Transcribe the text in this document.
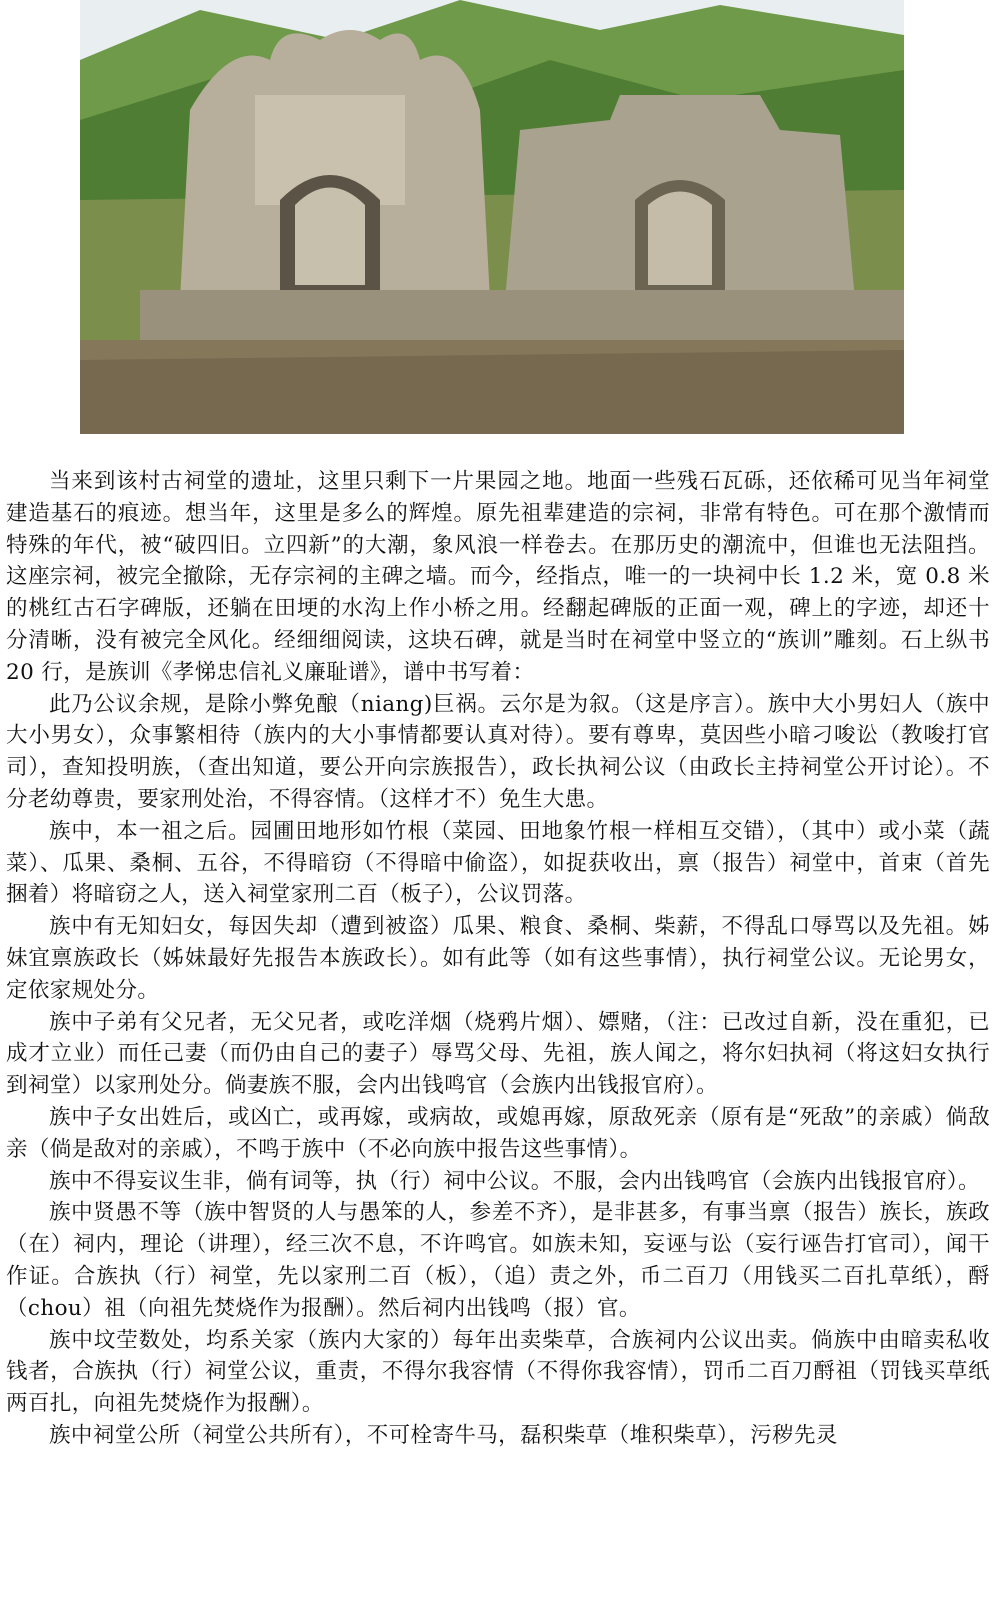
当来到该村古祠堂的遗址，这里只剩下一片果园之地。地面一些残石瓦砾，还依稀可见当年祠堂建造基石的痕迹。想当年，这里是多么的辉煌。原先祖辈建造的宗祠，非常有特色。可在那个激情而特殊的年代，被“破四旧。立四新”的大潮，象风浪一样卷去。在那历史的潮流中，但谁也无法阻挡。这座宗祠，被完全撤除，无存宗祠的主碑之墙。而今，经指点，唯一的一块祠中长 1.2 米，宽 0.8 米的桃红古石字碑版，还躺在田埂的水沟上作小桥之用。经翻起碑版的正面一观，碑上的字迹，却还十分清晰，没有被完全风化。经细细阅读，这块石碑，就是当时在祠堂中竖立的“族训”雕刻。石上纵书 20 行，是族训《孝悌忠信礼义廉耻谱》，谱中书写着：

此乃公议余规，是除小弊免酿（niang)巨祸。云尔是为叙。（这是序言）。族中大小男妇人（族中大小男女），众事繁相待（族内的大小事情都要认真对待）。要有尊卑，莫因些小暗刁唆讼（教唆打官司），查知投明族，（查出知道，要公开向宗族报告），政长执祠公议（由政长主持祠堂公开讨论）。不分老幼尊贵，要家刑处治，不得容情。（这样才不）免生大患。

族中，本一祖之后。园圃田地形如竹根（菜园、田地象竹根一样相互交错），（其中）或小菜（蔬菜）、瓜果、桑桐、五谷，不得暗窃（不得暗中偷盗），如捉获收出，禀（报告）祠堂中，首束（首先捆着）将暗窃之人，送入祠堂家刑二百（板子），公议罚落。

族中有无知妇女，每因失却（遭到被盗）瓜果、粮食、桑桐、柴薪，不得乱口辱骂以及先祖。姊妹宜禀族政长（姊妹最好先报告本族政长）。如有此等（如有这些事情），执行祠堂公议。无论男女，定依家规处分。

族中子弟有父兄者，无父兄者，或吃洋烟（烧鸦片烟）、嫖赌，（注：已改过自新，没在重犯，已成才立业）而任己妻（而仍由自己的妻子）辱骂父母、先祖，族人闻之，将尔妇执祠（将这妇女执行到祠堂）以家刑处分。倘妻族不服，会内出钱鸣官（会族内出钱报官府）。

族中子女出姓后，或凶亡，或再嫁，或病故，或媳再嫁，原敌死亲（原有是“死敌”的亲戚）倘敌亲（倘是敌对的亲戚），不鸣于族中（不必向族中报告这些事情）。

族中不得妄议生非，倘有词等，执（行）祠中公议。不服，会内出钱鸣官（会族内出钱报官府）。

族中贤愚不等（族中智贤的人与愚笨的人，参差不齐），是非甚多，有事当禀（报告）族长，族政（在）祠内，理论（讲理），经三次不息，不许鸣官。如族未知，妄诬与讼（妄行诬告打官司），闻干作证。合族执（行）祠堂，先以家刑二百（板），（追）责之外，币二百刀（用钱买二百扎草纸），酹（chou）祖（向祖先焚烧作为报酬）。然后祠内出钱鸣（报）官。

族中坟茔数处，均系关家（族内大家的）每年出卖柴草，合族祠内公议出卖。倘族中由暗卖私收钱者，合族执（行）祠堂公议，重责，不得尔我容情（不得你我容情），罚币二百刀酹祖（罚钱买草纸两百扎，向祖先焚烧作为报酬）。

族中祠堂公所（祠堂公共所有），不可栓寄牛马，磊积柴草（堆积柴草），污秽先灵
